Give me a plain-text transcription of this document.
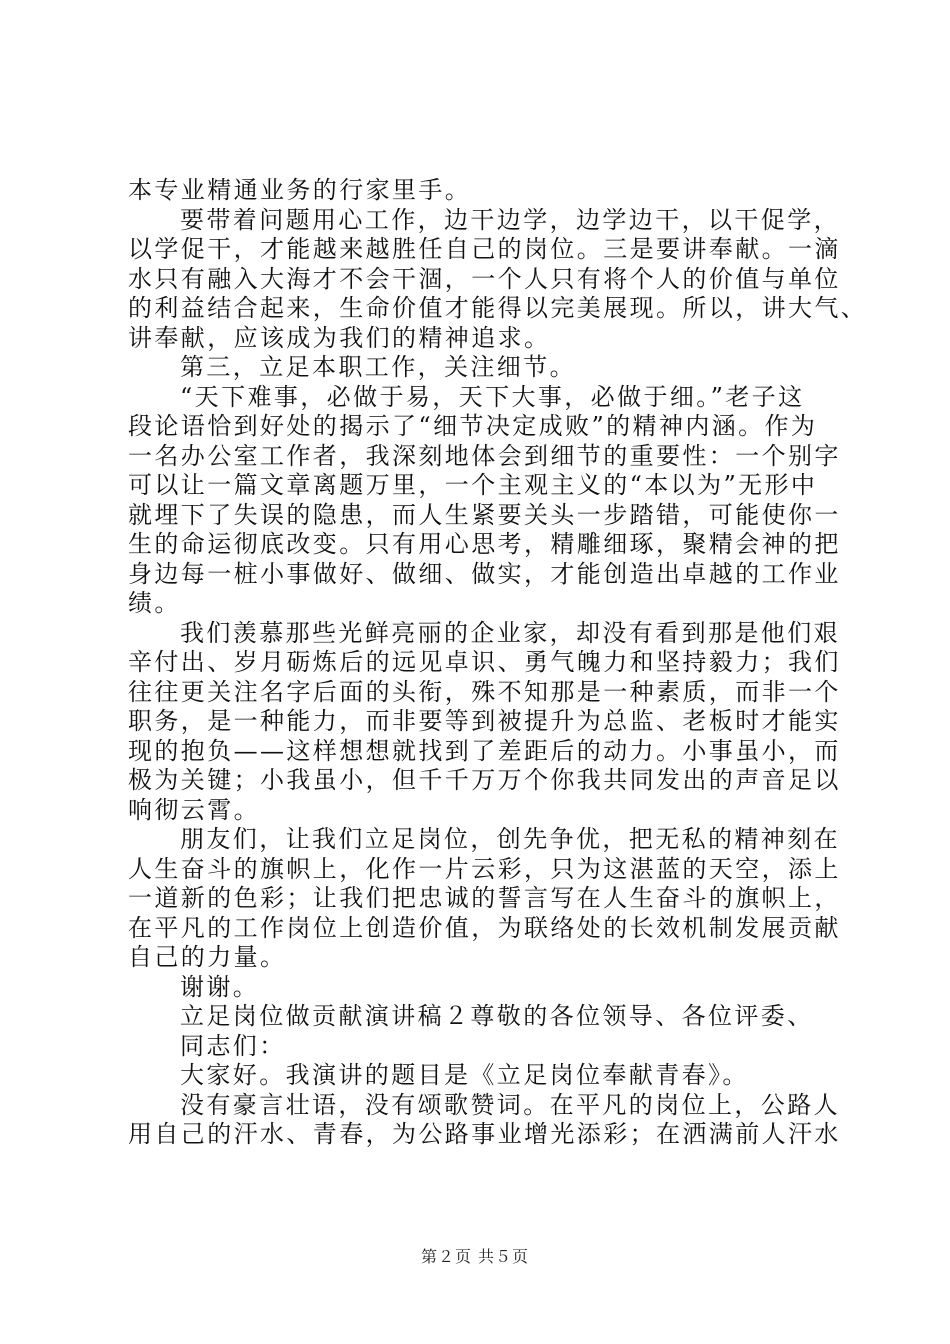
本专业精通业务的行家里手。
要带着问题用心工作，边干边学，边学边干，以干促学，
以学促干，才能越来越胜任自己的岗位。三是要讲奉献。一滴
水只有融入大海才不会干涸，一个人只有将个人的价值与单位
的利益结合起来，生命价值才能得以完美展现。所以，讲大气、
讲奉献，应该成为我们的精神追求。
第三，立足本职工作，关注细节。
“天下难事，必做于易，天下大事，必做于细。”老子这
段论语恰到好处的揭示了“细节决定成败”的精神内涵。作为
一名办公室工作者，我深刻地体会到细节的重要性：一个别字
可以让一篇文章离题万里，一个主观主义的“本以为”无形中
就埋下了失误的隐患，而人生紧要关头一步踏错，可能使你一
生的命运彻底改变。只有用心思考，精雕细琢，聚精会神的把
身边每一桩小事做好、做细、做实，才能创造出卓越的工作业
绩。
我们羡慕那些光鲜亮丽的企业家，却没有看到那是他们艰
辛付出、岁月砺炼后的远见卓识、勇气魄力和坚持毅力；我们
往往更关注名字后面的头衔，殊不知那是一种素质，而非一个
职务，是一种能力，而非要等到被提升为总监、老板时才能实
现的抱负——这样想想就找到了差距后的动力。小事虽小，而
极为关键；小我虽小，但千千万万个你我共同发出的声音足以
响彻云霄。
朋友们，让我们立足岗位，创先争优，把无私的精神刻在
人生奋斗的旗帜上，化作一片云彩，只为这湛蓝的天空，添上
一道新的色彩；让我们把忠诚的誓言写在人生奋斗的旗帜上，
在平凡的工作岗位上创造价值，为联络处的长效机制发展贡献
自己的力量。
谢谢。
立足岗位做贡献演讲稿２尊敬的各位领导、各位评委、
同志们：
大家好。我演讲的题目是《立足岗位奉献青春》。
没有豪言壮语，没有颂歌赞词。在平凡的岗位上，公路人
用自己的汗水、青春，为公路事业增光添彩；在洒满前人汗水
第２页 共５页
